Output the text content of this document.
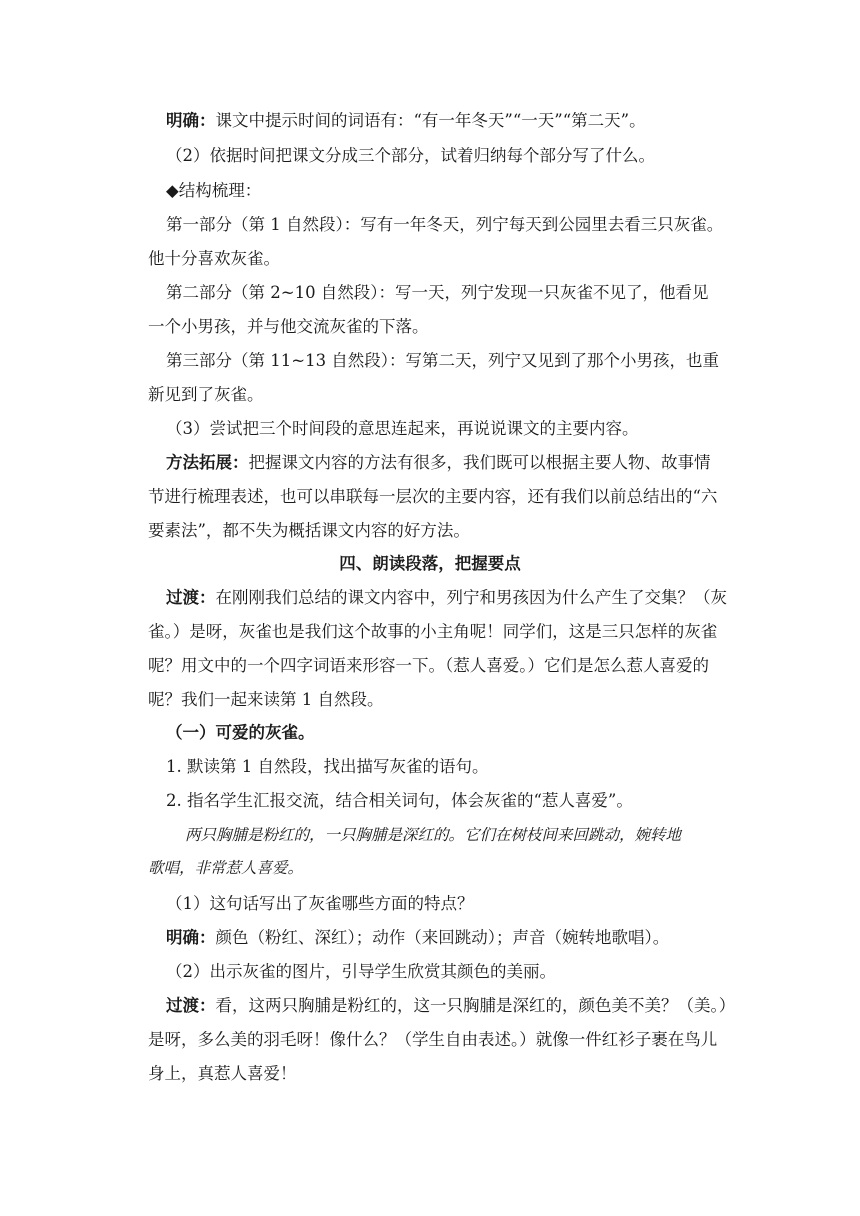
明确：课文中提示时间的词语有：“有一年冬天”“一天”“第二天”。
（2）依据时间把课文分成三个部分，试着归纳每个部分写了什么。
◆结构梳理：
第一部分（第 1 自然段）：写有一年冬天，列宁每天到公园里去看三只灰雀。
他十分喜欢灰雀。
第二部分（第 2~10 自然段）：写一天，列宁发现一只灰雀不见了，他看见
一个小男孩，并与他交流灰雀的下落。
第三部分（第 11~13 自然段）：写第二天，列宁又见到了那个小男孩，也重
新见到了灰雀。
（3）尝试把三个时间段的意思连起来，再说说课文的主要内容。
方法拓展：把握课文内容的方法有很多，我们既可以根据主要人物、故事情
节进行梳理表述，也可以串联每一层次的主要内容，还有我们以前总结出的“六
要素法”，都不失为概括课文内容的好方法。
四、朗读段落，把握要点
过渡：在刚刚我们总结的课文内容中，列宁和男孩因为什么产生了交集？（灰
雀。）是呀，灰雀也是我们这个故事的小主角呢！同学们，这是三只怎样的灰雀
呢？用文中的一个四字词语来形容一下。（惹人喜爱。）它们是怎么惹人喜爱的
呢？我们一起来读第 1 自然段。
（一）可爱的灰雀。
1. 默读第 1 自然段，找出描写灰雀的语句。
2. 指名学生汇报交流，结合相关词句，体会灰雀的“惹人喜爱”。
两只胸脯是粉红的，一只胸脯是深红的。它们在树枝间来回跳动，婉转地
歌唱，非常惹人喜爱。
（1）这句话写出了灰雀哪些方面的特点？
明确：颜色（粉红、深红）；动作（来回跳动）；声音（婉转地歌唱）。
（2）出示灰雀的图片，引导学生欣赏其颜色的美丽。
过渡：看，这两只胸脯是粉红的，这一只胸脯是深红的，颜色美不美？（美。）
是呀，多么美的羽毛呀！像什么？（学生自由表述。）就像一件红衫子裹在鸟儿
身上，真惹人喜爱！
